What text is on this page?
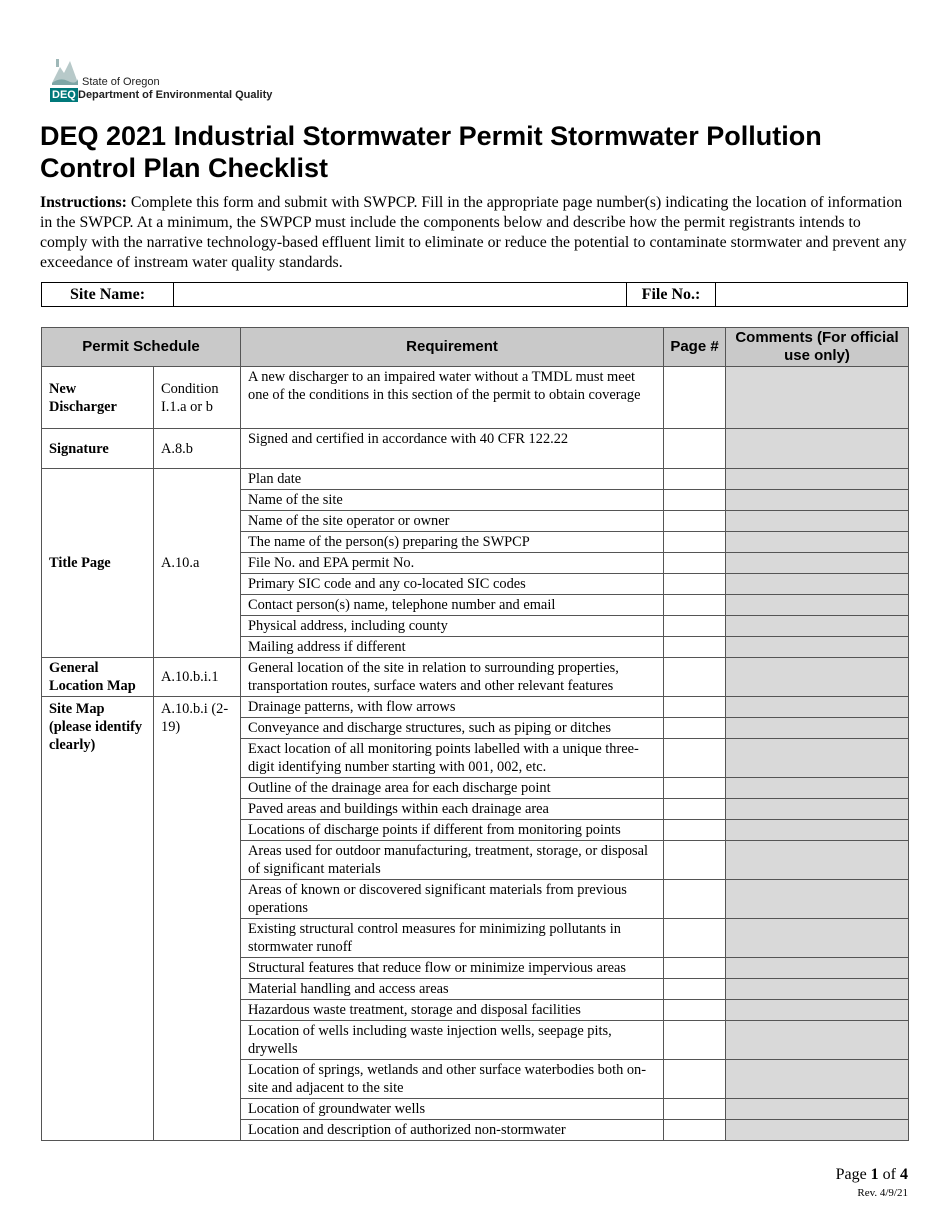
State of Oregon
DEQ Department of Environmental Quality
DEQ 2021 Industrial Stormwater Permit Stormwater Pollution Control Plan Checklist

Instructions: Complete this form and submit with SWPCP. Fill in the appropriate page number(s) indicating the location of information in the SWPCP. At a minimum, the SWPCP must include the components below and describe how the permit registrants intends to comply with the narrative technology-based effluent limit to eliminate or reduce the potential to contaminate stormwater and prevent any exceedance of instream water quality standards.

Site Name:		File No.:	
Permit Schedule		Requirement	Page #	Comments (For official use only)
New Discharger	Condition I.1.a or b	A new discharger to an impaired water without a TMDL must meet one of the conditions in this section of the permit to obtain coverage		
Signature	A.8.b	Signed and certified in accordance with 40 CFR 122.22		
Title Page	A.10.a	Plan date		
		Name of the site		
		Name of the site operator or owner		
		The name of the person(s) preparing the SWPCP		
		File No. and EPA permit No.		
		Primary SIC code and any co-located SIC codes		
		Contact person(s) name, telephone number and email		
		Physical address, including county		
		Mailing address if different		
General Location Map	A.10.b.i.1	General location of the site in relation to surrounding properties, transportation routes, surface waters and other relevant features		
Site Map (please identify clearly)	A.10.b.i (2-19)	Drainage patterns, with flow arrows		
		Conveyance and discharge structures, such as piping or ditches		
		Exact location of all monitoring points labelled with a unique three-digit identifying number starting with 001, 002, etc.		
		Outline of the drainage area for each discharge point		
		Paved areas and buildings within each drainage area		
		Locations of discharge points if different from monitoring points		
		Areas used for outdoor manufacturing, treatment, storage, or disposal of significant materials		
		Areas of known or discovered significant materials from previous operations		
		Existing structural control measures for minimizing pollutants in stormwater runoff		
		Structural features that reduce flow or minimize impervious areas		
		Material handling and access areas		
		Hazardous waste treatment, storage and disposal facilities		
		Location of wells including waste injection wells, seepage pits, drywells		
		Location of springs, wetlands and other surface waterbodies both on-site and adjacent to the site		
		Location of groundwater wells		
		Location and description of authorized non-stormwater		
Page 1 of 4
Rev. 4/9/21
